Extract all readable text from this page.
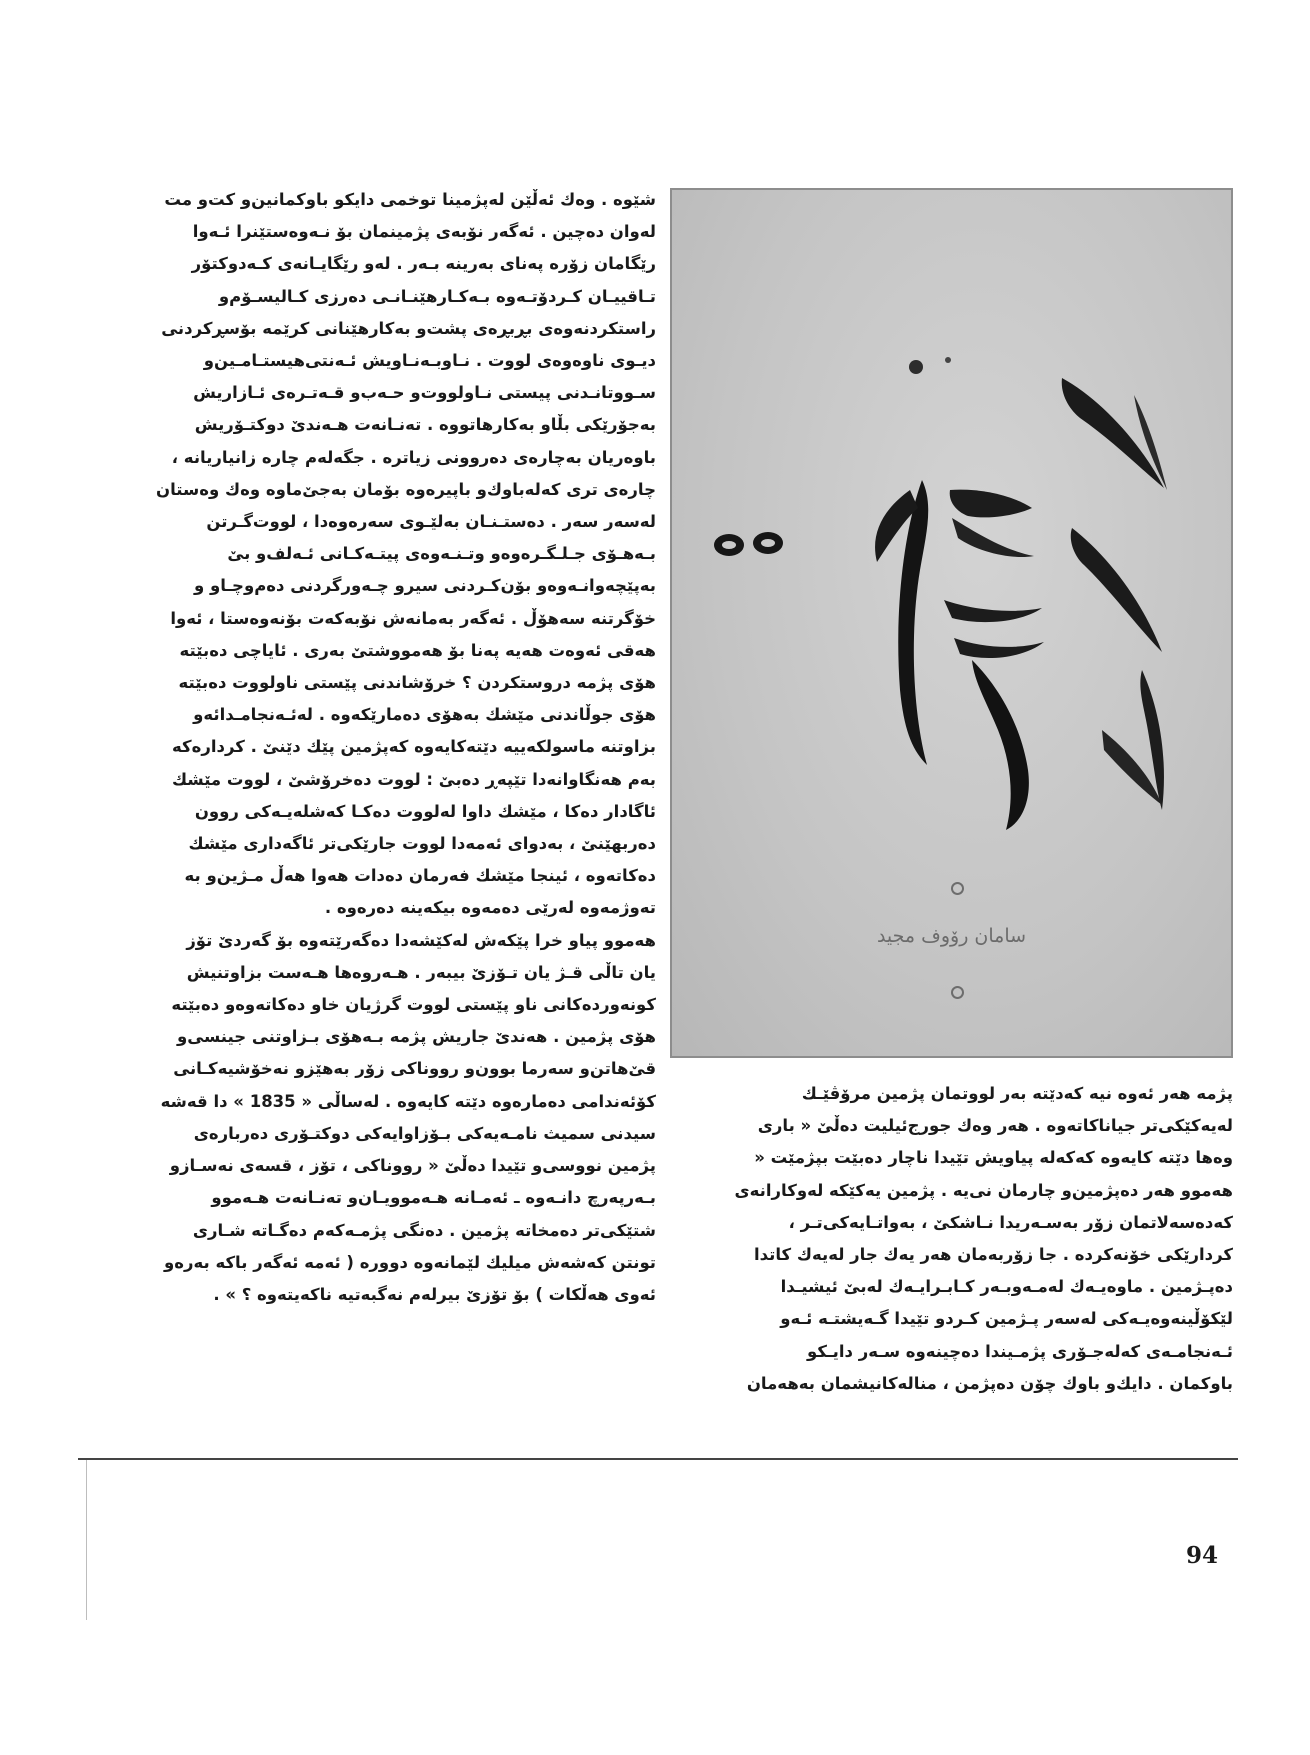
شێوه . وەك ئەڵێن لەپژمینا توخمی دایكو باوكمانین‌و كت‌و مت

لەوان دەچین . ئەگەر نۆبەی پژمینمان بۆ نـەوەستێنرا ئـەوا

رێگامان زۆرە پەنای بەرینە بـەر . لەو رێگایـانەی كـەدوكتۆر

تـاقییـان كـردۆتـەوه بـەكـارهێنـانـی دەرزی كـالیسـۆم‌و

راستكردنەوەی بڕبڕەی پشت‌و بەكارهێنانی كرێمە بۆسڕكردنی

دیـوی ناوەوەی لووت . نـاوبـەنـاویش ئـەنتی‌هیستـامـین‌و

سـووتانـدنی پیستی نـاولووت‌و حـەب‌و قـەتـرەی ئـازاریش

بەجۆرێكی بڵاو بەكارهاتووه . تەنـانەت هـەندێ دوكتـۆریش

باوەریان بەچارەی دەروونی زیاترە . جگەلەم چارە زانیاریانە ،

چارەی تری كەلەباوك‌و باپیرەوە بۆمان بەجێ‌ماوە وەك وەستان

لەسەر سەر . دەستـنـان بەلێـوی سەرەوەدا ، لووت‌گـرتن

بـەهـۆی جـلـگـرەوەو وتـنـەوەی پیتـەكـانی ئـەلف‌و بێ

بەپێچەوانـەوەو بۆن‌كـردنی سیرو چـەورگردنی دەم‌وچـاو و

خۆگرتنە سەهۆڵ . ئەگەر بەمانەش نۆبەكەت بۆنەوەستا ، ئەوا

هەقی ئەوەت هەیە پەنا بۆ هەمووشتێ بەری . ئایاچی دەبێتە

هۆی پژمە دروستكردن ؟ خرۆشاندنی پێستی ناولووت دەبێتە

هۆی جوڵاندنی مێشك بەهۆی دەمارێكەوه . لەئـەنجامـدائەو

بزاوتنە ماسولكەییە دێتەكایەوە كەپژمین پێك دێنێ . كردارەكە

بەم هەنگاوانەدا تێپەڕ دەبێ : لووت دەخرۆشێ ، لووت مێشك

ئاگادار دەكا ، مێشك داوا لەلووت دەكـا كەشلەیـەكی روون

دەربهێنێ ، بەدوای ئەمەدا لووت جارێكی‌تر ئاگەداری مێشك

دەكاتەوە ، ئینجا مێشك فەرمان دەدات هەوا هەڵ مـژین‌و بە

تەوژمەوە لەرێی دەمەوە بیكەینە دەرەوە .

هەموو پیاو خرا پێكەش لەكێشەدا دەگەرێتەوە بۆ گەردێ تۆز

یان تاڵی قـژ یان تـۆزێ بیبەر . هـەروەها هـەست بزاوتنیش

كونەوردەكانی ناو پێستی لووت گرژیان خاو دەكاتەوەو دەبێتە

هۆی پژمین . هەندێ جاریش پژمە بـەهۆی بـزاوتنی جینسی‌و

قێ‌هاتن‌و سەرما بوون‌و رووناكی زۆر بەهێزو نەخۆشیەكـانی

كۆئەندامی دەمارەوە دێتە كایەوە . لەساڵی « 1835 » دا قەشە

سیدنی سمیث نامـەیەكی بـۆزاوایەكی دوكتـۆری دەربارەی

پژمین نووسی‌و تێیدا دەڵێ « رووناكی ، تۆز ، قسەی نەسـازو

بـەرپەرچ دانـەوە ـ ئەمـانە هـەموویـان‌و تەنـانەت هـەموو

شتێكی‌تر دەمخاتە پژمین . دەنگی پژمـەكەم دەگـاتە شـاری

تونتن كەشەش میلیك لێمانەوە دوورە ( ئەمە ئەگەر باكە بەرەو

ئەوی هەڵكات ) بۆ تۆزێ بیرلەم نەگبەتیە ناكەیتەوە ؟ » .

سامان رۆوف مجید

پژمە هەر ئەوە نیە كەدێتە بەر لووتمان پژمین مرۆڤێـك

لەیەكێكی‌تر جیاناكاتەوه . هەر وەك جورج‌ئیلیت دەڵێ « باری

وەها دێتە كایەوە كەكەلە پیاویش تێیدا ناچار دەبێت بپژمێت «

هەموو هەر دەپژمین‌و چارمان نی‌یە . پژمین یەكێكە لەوكارانەی

كەدەسەلاتمان زۆر بەسـەریدا نـاشكێ ، بەواتـایەكی‌تـر ،

كردارێكی خۆنەكردە . جا زۆربەمان هەر یەك جار لەیەك كاتدا

دەپـژمین . ماوەیـەك لەمـەوبـەر كـابـرایـەك لەبێ ئیشیـدا

لێكۆڵینەوەیـەكی لەسەر پـژمین كـردو تێیدا گـەیشتـە ئـەو

ئـەنجامـەی كەلەجـۆری پژمـیندا دەچینەوە سـەر دایـكو

باوكمان . دایك‌و باوك چۆن دەپژمن ، منالەكانیشمان بەهەمان

94
